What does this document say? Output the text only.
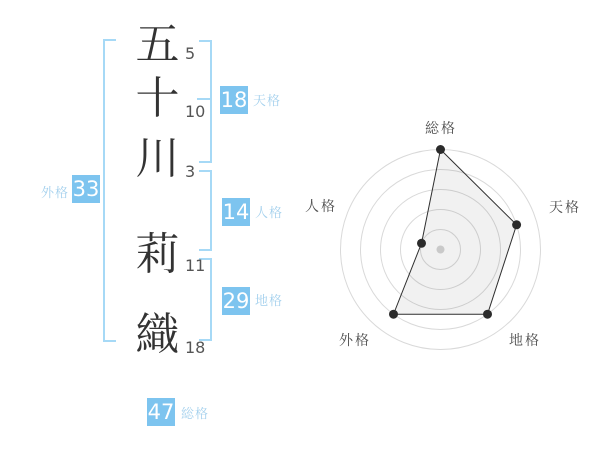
五
十
川
莉
織
5
10
3
11
18
18 天格
14 人格
29 地格
外格 33
47 総格
総格
天格
地格
外格
人格
